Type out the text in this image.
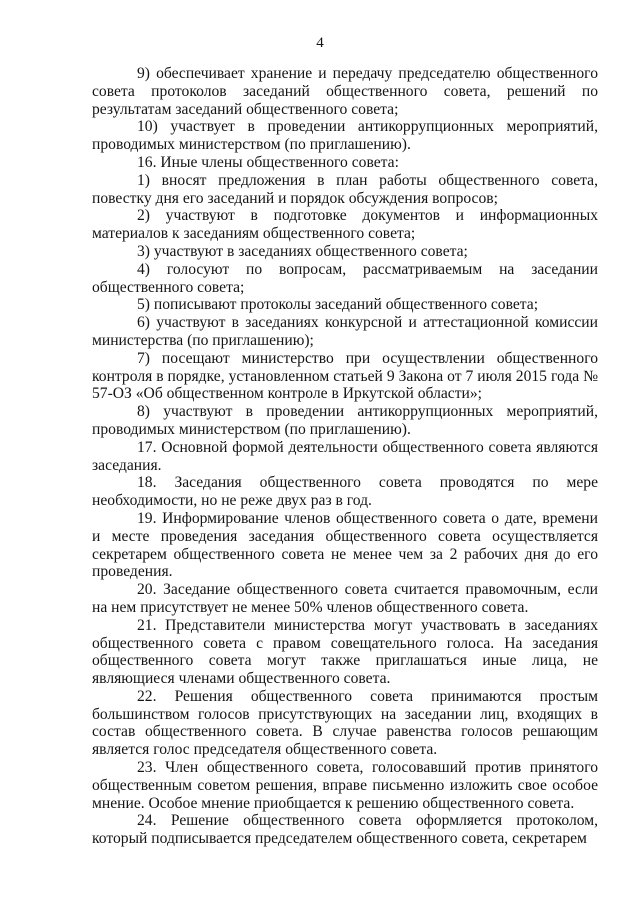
4

9) обеспечивает хранение и передачу председателю общественного совета протоколов заседаний общественного совета, решений по результатам заседаний общественного совета;

10) участвует в проведении антикоррупционных мероприятий, проводимых министерством (по приглашению).

16. Иные члены общественного совета:

1) вносят предложения в план работы общественного совета, повестку дня его заседаний и порядок обсуждения вопросов;

2) участвуют в подготовке документов и информационных материалов к заседаниям общественного совета;

3) участвуют в заседаниях общественного совета;

4) голосуют по вопросам, рассматриваемым на заседании общественного совета;

5) пописывают протоколы заседаний общественного совета;

6) участвуют в заседаниях конкурсной и аттестационной комиссии министерства (по приглашению);

7) посещают министерство при осуществлении общественного контроля в порядке, установленном статьей 9 Закона от 7 июля 2015 года № 57-ОЗ «Об общественном контроле в Иркутской области»;

8) участвуют в проведении антикоррупционных мероприятий, проводимых министерством (по приглашению).

17. Основной формой деятельности общественного совета являются заседания.

18. Заседания общественного совета проводятся по мере необходимости, но не реже двух раз в год.

19. Информирование членов общественного совета о дате, времени и месте проведения заседания общественного совета осуществляется секретарем общественного совета не менее чем за 2 рабочих дня до его проведения.

20. Заседание общественного совета считается правомочным, если на нем присутствует не менее 50% членов общественного совета.

21. Представители министерства могут участвовать в заседаниях общественного совета с правом совещательного голоса. На заседания общественного совета могут также приглашаться иные лица, не являющиеся членами общественного совета.

22. Решения общественного совета принимаются простым большинством голосов присутствующих на заседании лиц, входящих в состав общественного совета. В случае равенства голосов решающим является голос председателя общественного совета.

23. Член общественного совета, голосовавший против принятого общественным советом решения, вправе письменно изложить свое особое мнение. Особое мнение приобщается к решению общественного совета.

24. Решение общественного совета оформляется протоколом, который подписывается председателем общественного совета, секретарем
